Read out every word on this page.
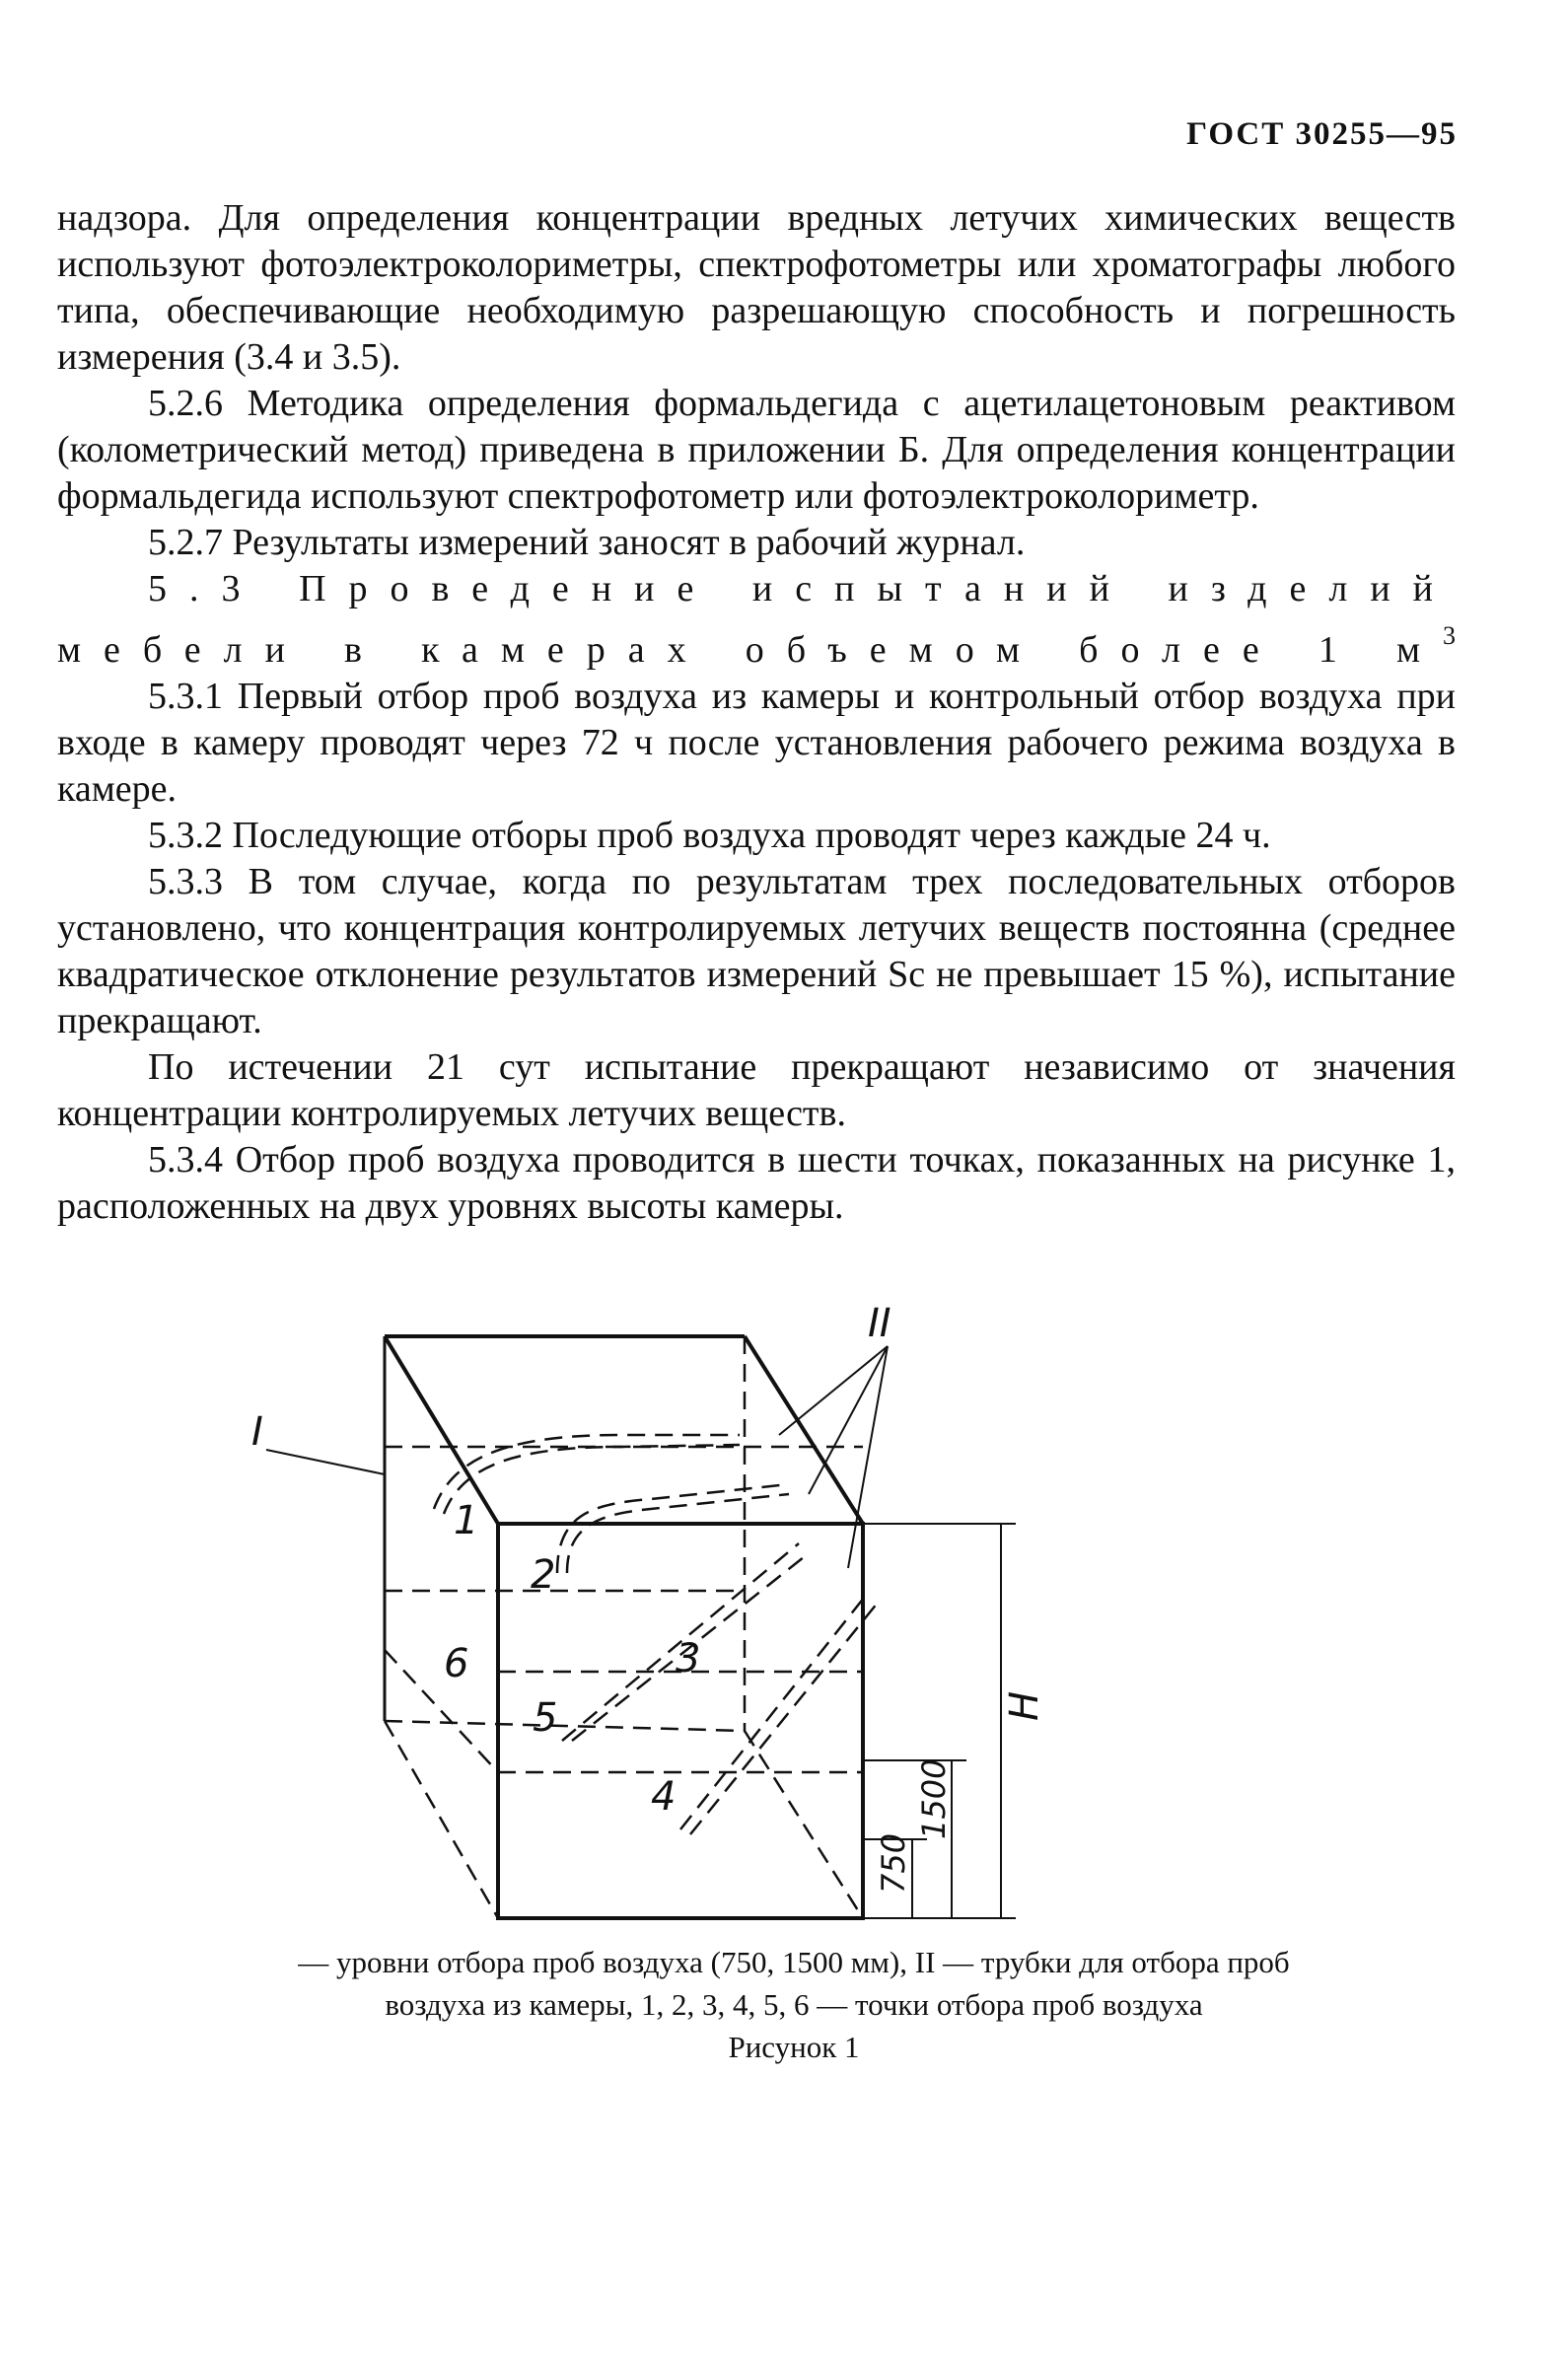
ГОСТ 30255—95

надзора. Для определения концентрации вредных летучих химических веществ используют фотоэлектроколориметры, спектрофотометры или хроматографы любого типа, обеспечивающие необходимую разрешающую способность и погрешность измерения (3.4 и 3.5).

5.2.6 Методика определения формальдегида с ацетилацетоновым реактивом (колометрический метод) приведена в приложении Б. Для определения концентрации формальдегида используют спектрофотометр или фотоэлектроколориметр.

5.2.7 Результаты измерений заносят в рабочий журнал.

5.3 Проведение испытаний изделий

мебели в камерах объемом более 1 $м^3$

5.3.1 Первый отбор проб воздуха из камеры и контрольный отбор воздуха при входе в камеру проводят через 72 ч после установления рабочего режима воздуха в камере.

5.3.2 Последующие отборы проб воздуха проводят через каждые 24 ч.

5.3.3 В том случае, когда по результатам трех последовательных отборов установлено, что концентрация контролируемых летучих веществ постоянна (среднее квадратическое отклонение результатов измерений Sc не превышает 15 %), испытание прекращают.

По истечении 21 сут испытание прекращают независимо от значения концентрации контролируемых летучих веществ.

5.3.4 Отбор проб воздуха проводится в шести точках, показанных на рисунке 1, расположенных на двух уровнях высоты камеры.

II
I
1
2
3
4
5
6
H
1500
750

— уровни отбора проб воздуха (750, 1500 мм), II — трубки для отбора проб

воздуха из камеры, 1, 2, 3, 4, 5, 6 — точки отбора проб воздуха

Рисунок 1
